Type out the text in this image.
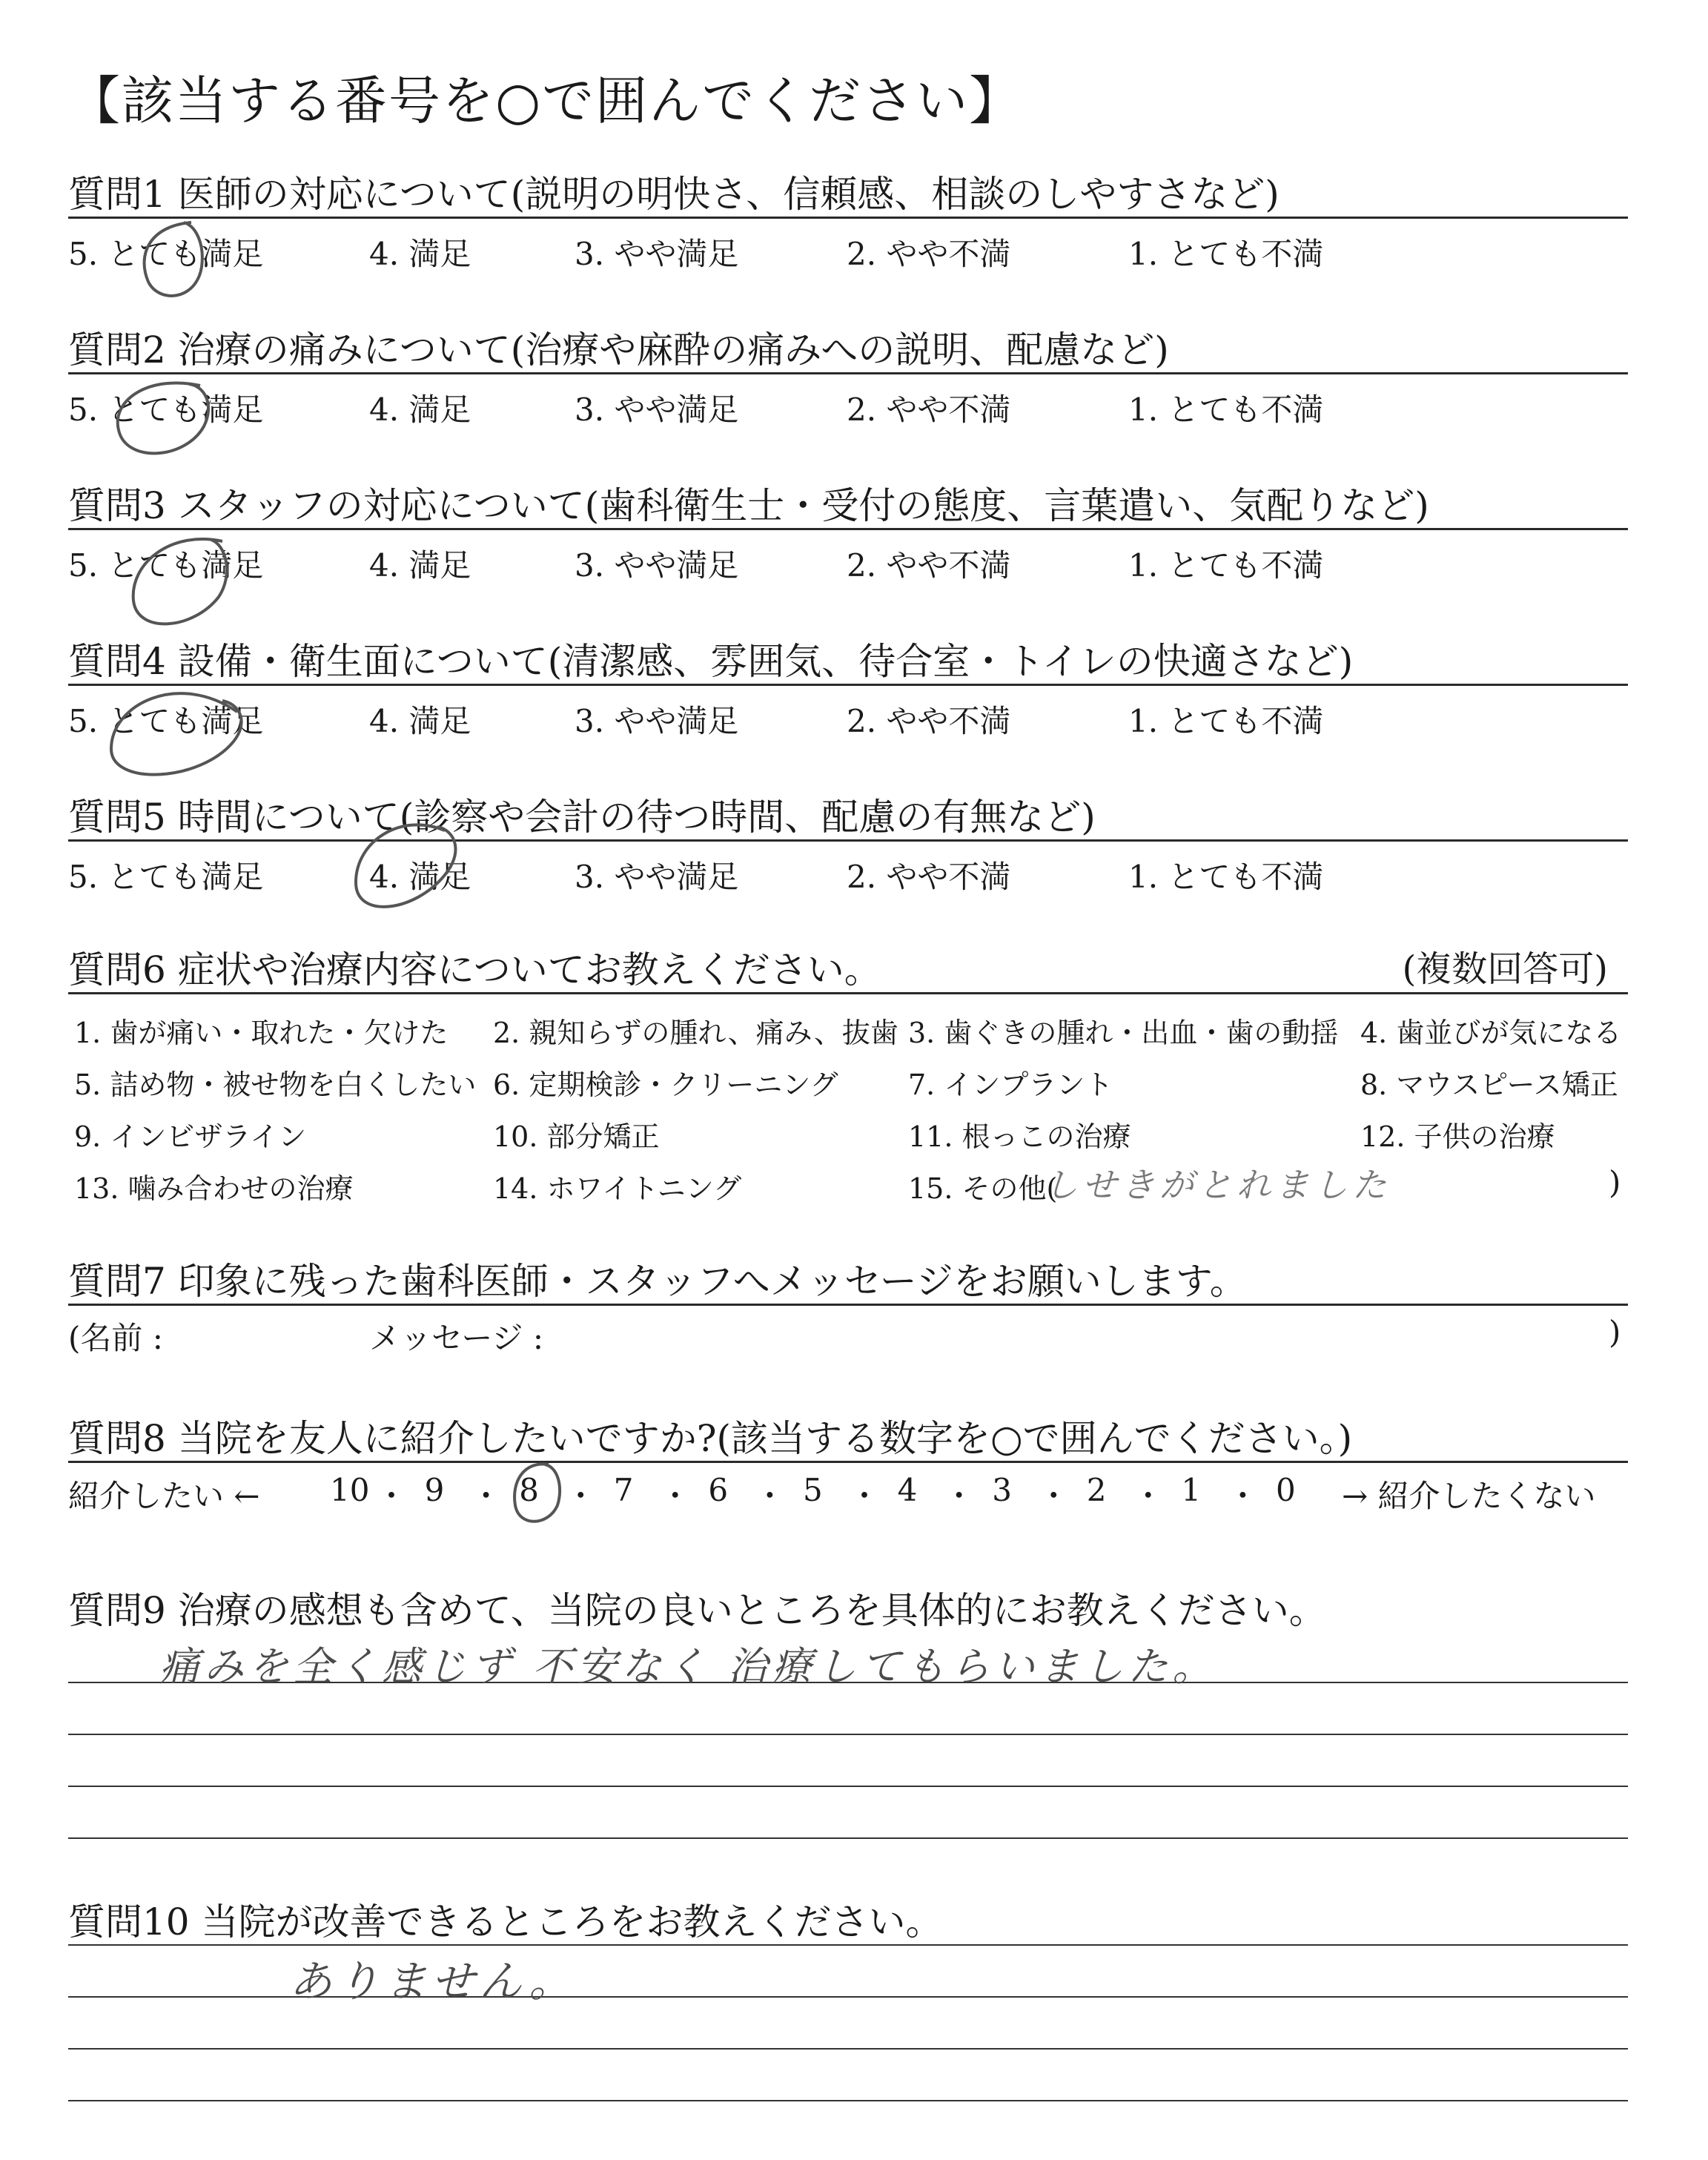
【該当する番号を○で囲んでください】
質問1 医師の対応について(説明の明快さ、信頼感、相談のしやすさなど)
5. とても満足	4. 満足	3. やや満足	2. やや不満	1. とても不満
質問2 治療の痛みについて(治療や麻酔の痛みへの説明、配慮など)
5. とても満足	4. 満足	3. やや満足	2. やや不満	1. とても不満
質問3 スタッフの対応について(歯科衛生士・受付の態度、言葉遣い、気配りなど)
5. とても満足	4. 満足	3. やや満足	2. やや不満	1. とても不満
質問4 設備・衛生面について(清潔感、雰囲気、待合室・トイレの快適さなど)
5. とても満足	4. 満足	3. やや満足	2. やや不満	1. とても不満
質問5 時間について(診察や会計の待つ時間、配慮の有無など)
5. とても満足	4. 満足	3. やや満足	2. やや不満	1. とても不満
質問6 症状や治療内容についてお教えください。	(複数回答可)
1. 歯が痛い・取れた・欠けた 2. 親知らずの腫れ、痛み、抜歯 3. 歯ぐきの腫れ・出血・歯の動揺 4. 歯並びが気になる
5. 詰め物・被せ物を白くしたい 6. 定期検診・クリーニング 7. インプラント	8. マウスピース矯正
9. インビザライン	10. 部分矯正	11. 根っこの治療	12. 子供の治療
13. 噛み合わせの治療	14. ホワイトニング	15. その他(	)
しせきがとれました
質問7 印象に残った歯科医師・スタッフへメッセージをお願いします。
(名前 :	メッセージ :	)
質問8 当院を友人に紹介したいですか?(該当する数字を○で囲んでください。)
紹介したい ←	→ 紹介したくない
10 ・ 9 ・ 8 ・ 7 ・ 6 ・ 5 ・ 4 ・ 3 ・ 2 ・ 1 ・ 0
質問9 治療の感想も含めて、当院の良いところを具体的にお教えください。
痛みを全く感じず 不安なく 治療してもらいました。
質問10 当院が改善できるところをお教えください。
ありません。
